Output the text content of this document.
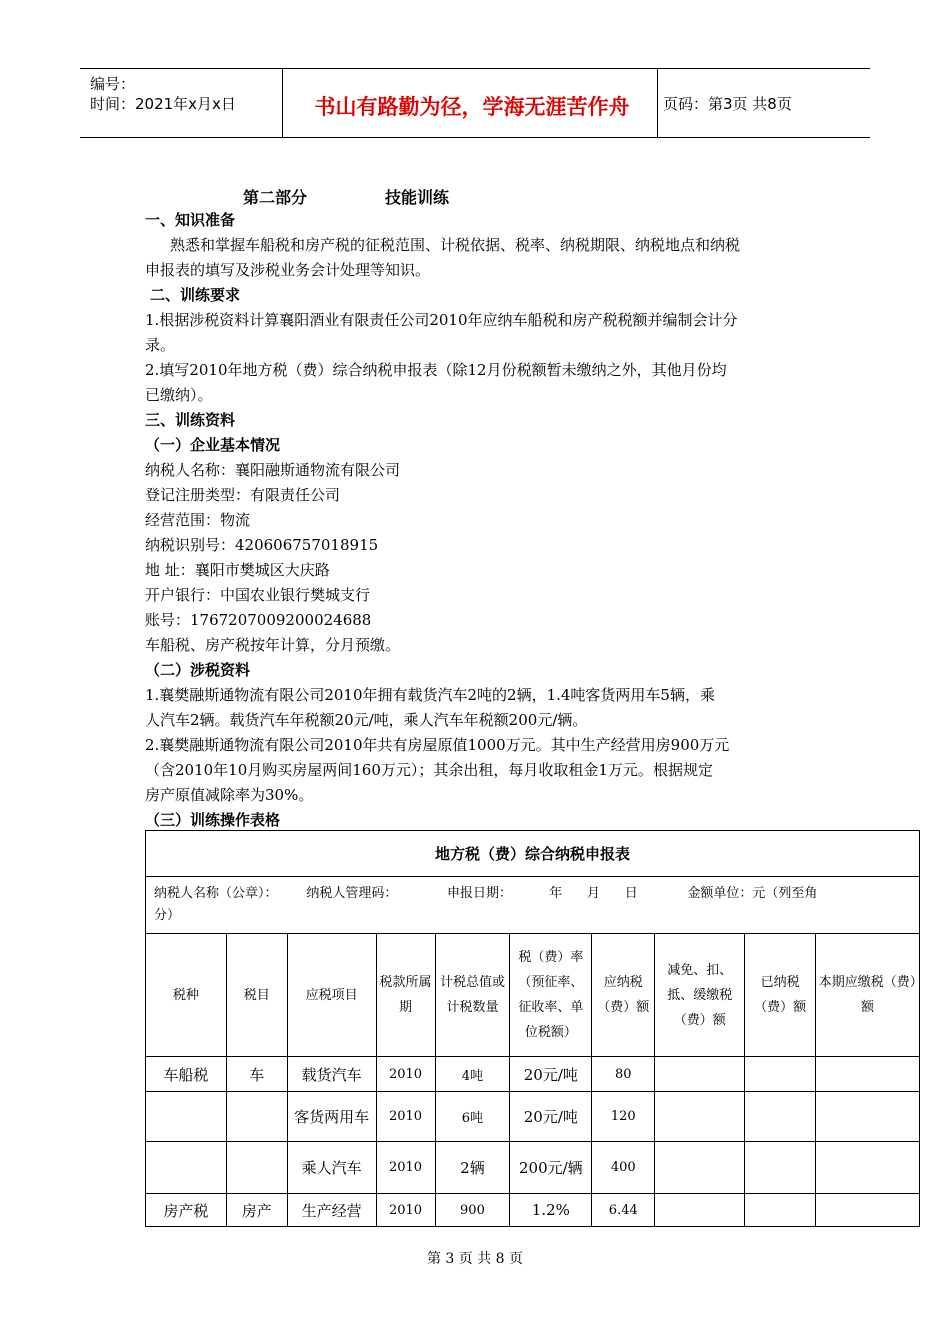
编号：
时间：2021年x月x日	书山有路勤为径，学海无涯苦作舟	页码：第3页 共8页
第二部分	技能训练
一、知识准备
熟悉和掌握车船税和房产税的征税范围、计税依据、税率、纳税期限、纳税地点和纳税
申报表的填写及涉税业务会计处理等知识。
二、训练要求
1.根据涉税资料计算襄阳酒业有限责任公司2010年应纳车船税和房产税税额并编制会计分
录。
2.填写2010年地方税（费）综合纳税申报表（除12月份税额暂未缴纳之外，其他月份均
已缴纳）。
三、训练资料
（一）企业基本情况
纳税人名称：襄阳融斯通物流有限公司
登记注册类型：有限责任公司
经营范围：物流
纳税识别号：420606757018915
地 址：襄阳市樊城区大庆路
开户银行：中国农业银行樊城支行
账号：1767207009200024688
车船税、房产税按年计算，分月预缴。
（二）涉税资料
1.襄樊融斯通物流有限公司2010年拥有载货汽车2吨的2辆，1.4吨客货两用车5辆，乘
人汽车2辆。载货汽车年税额20元/吨，乘人汽车年税额200元/辆。
2.襄樊融斯通物流有限公司2010年共有房屋原值1000万元。其中生产经营用房900万元
（含2010年10月购买房屋两间160万元）；其余出租，每月收取租金1万元。根据规定
房产原值减除率为30%。
（三）训练操作表格
地方税（费）综合纳税申报表									

纳税人名称（公章）：       纳税人管理码：            申报日期：         年      月      日            金额单位：元（列至角
分）									

税种	税目	应税项目	税款所属期	计税总值或计税数量	税（费）率（预征率、征收率、单位税额）	应纳税（费）额	减免、扣、抵、缓缴税（费）额	已纳税（费）额	本期应缴税（费）额
车船税	车	载货汽车	2010	4吨	20元/吨	80			
		客货两用车	2010	6吨	20元/吨	120			
		乘人汽车	2010	2辆	200元/辆	400			
房产税	房产	生产经营	2010	900	1.2%	6.44			
第 3 页 共 8 页
